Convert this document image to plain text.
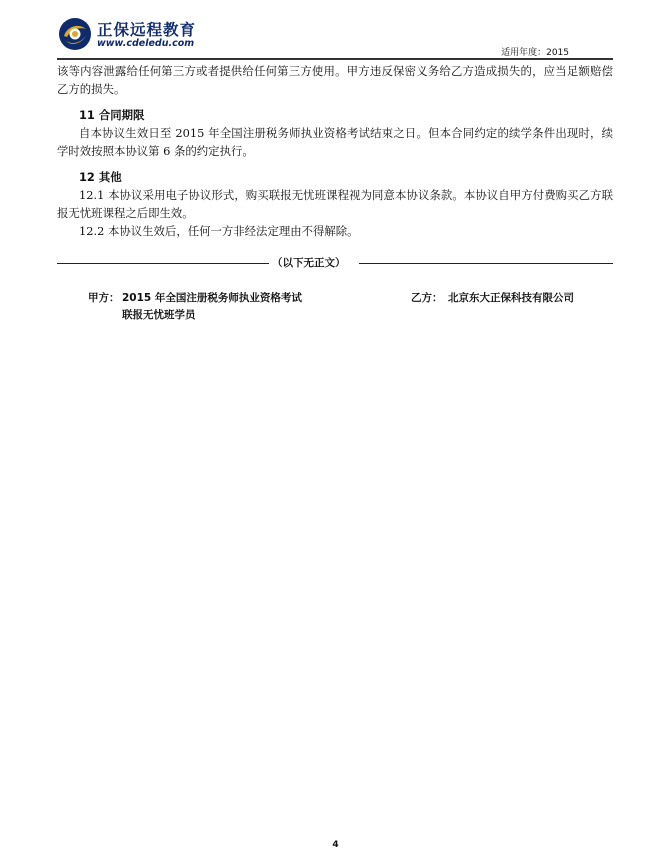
正保远程教育
www.cdeledu.com
适用年度：2015

该等内容泄露给任何第三方或者提供给任何第三方使用。甲方违反保密义务给乙方造成损失的，应当足额赔偿乙方的损失。

11 合同期限

自本协议生效日至 2015 年全国注册税务师执业资格考试结束之日。但本合同约定的续学条件出现时，续学时效按照本协议第 6 条的约定执行。

12 其他

12.1 本协议采用电子协议形式，购买联报无忧班课程视为同意本协议条款。本协议自甲方付费购买乙方联报无忧班课程之后即生效。

12.2 本协议生效后，任何一方非经法定理由不得解除。

（以下无正文）
甲方： 2015 年全国注册税务师执业资格考试
联报无忧班学员
乙方： 北京东大正保科技有限公司
4
